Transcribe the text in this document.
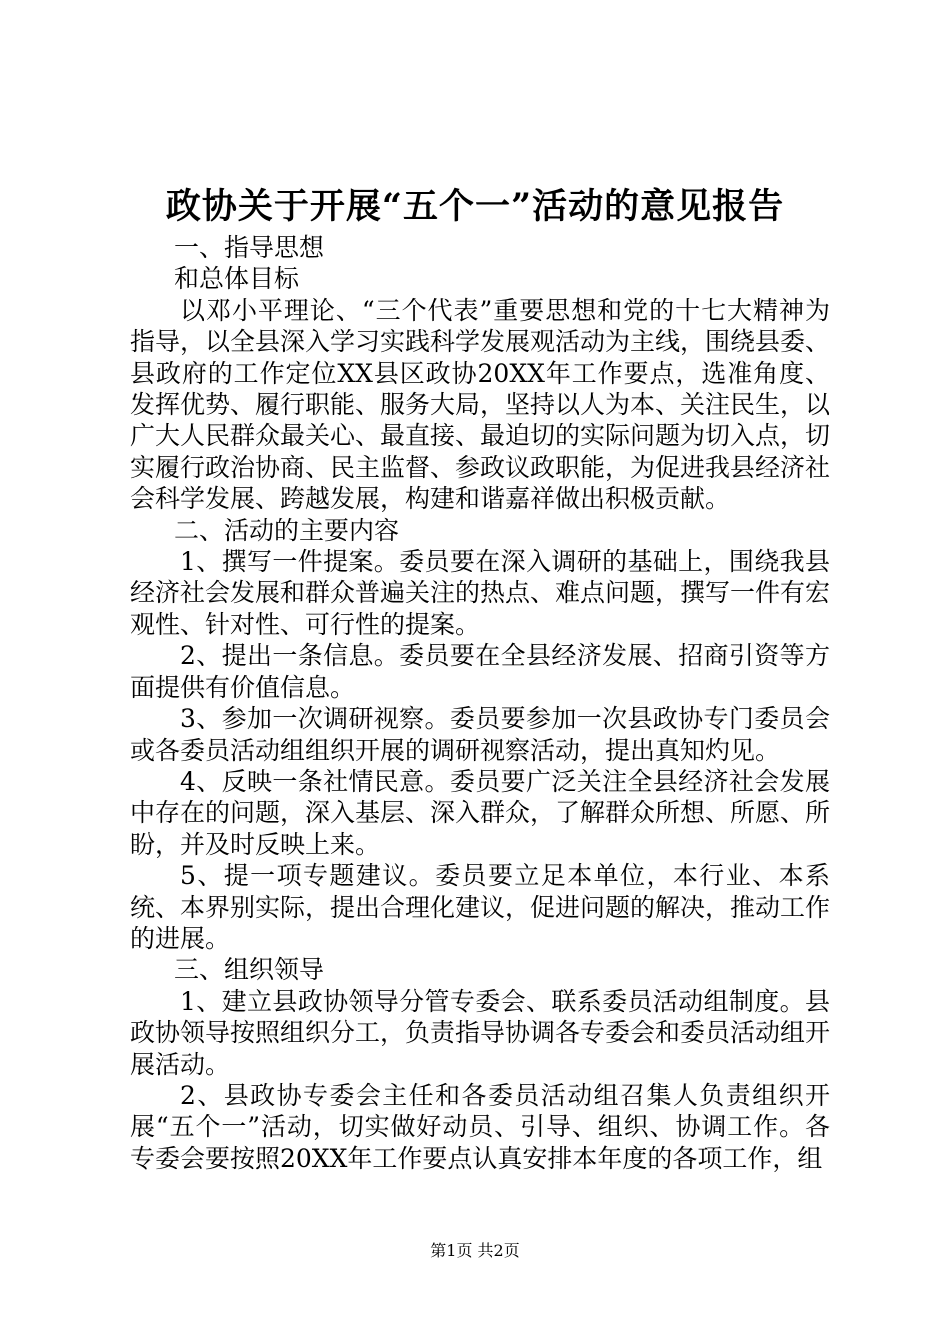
政协关于开展“五个一”活动的意见报告

一、指导思想

和总体目标

以邓小平理论、“三个代表”重要思想和党的十七大精神为指导，以全县深入学习实践科学发展观活动为主线，围绕县委、县政府的工作定位XX县区政协20XX年工作要点，选准角度、发挥优势、履行职能、服务大局，坚持以人为本、关注民生，以广大人民群众最关心、最直接、最迫切的实际问题为切入点，切实履行政治协商、民主监督、参政议政职能，为促进我县经济社会科学发展、跨越发展，构建和谐嘉祥做出积极贡献。

二、活动的主要内容

1、撰写一件提案。委员要在深入调研的基础上，围绕我县经济社会发展和群众普遍关注的热点、难点问题，撰写一件有宏观性、针对性、可行性的提案。

2、提出一条信息。委员要在全县经济发展、招商引资等方面提供有价值信息。

3、参加一次调研视察。委员要参加一次县政协专门委员会或各委员活动组组织开展的调研视察活动，提出真知灼见。

4、反映一条社情民意。委员要广泛关注全县经济社会发展中存在的问题，深入基层、深入群众，了解群众所想、所愿、所盼，并及时反映上来。

5、提一项专题建议。委员要立足本单位，本行业、本系统、本界别实际，提出合理化建议，促进问题的解决，推动工作的进展。

三、组织领导

1、建立县政协领导分管专委会、联系委员活动组制度。县政协领导按照组织分工，负责指导协调各专委会和委员活动组开展活动。

2、县政协专委会主任和各委员活动组召集人负责组织开展“五个一”活动，切实做好动员、引导、组织、协调工作。各专委会要按照20XX年工作要点认真安排本年度的各项工作，组

第1页 共2页
